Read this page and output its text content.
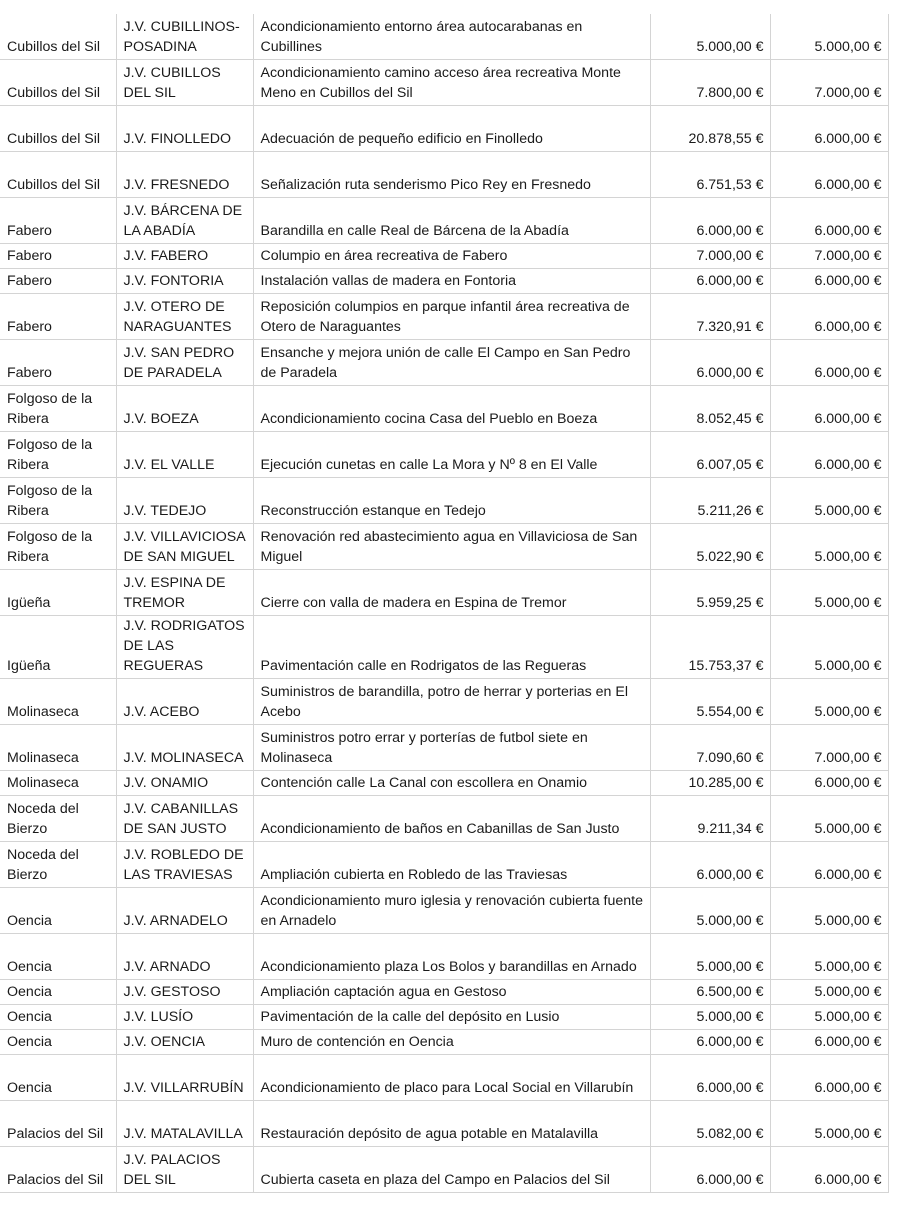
Cubillos del Sil	J.V. CUBILLINOS-POSADINA	Acondicionamiento entorno área autocarabanas en Cubillines	5.000,00 €	5.000,00 €
Cubillos del Sil	J.V. CUBILLOS DEL SIL	Acondicionamiento camino acceso área recreativa Monte Meno en Cubillos del Sil	7.800,00 €	7.000,00 €
Cubillos del Sil	J.V. FINOLLEDO	Adecuación de pequeño edificio en Finolledo	20.878,55 €	6.000,00 €
Cubillos del Sil	J.V. FRESNEDO	Señalización ruta senderismo Pico Rey en Fresnedo	6.751,53 €	6.000,00 €
Fabero	J.V. BÁRCENA DE LA ABADÍA	Barandilla en calle Real de Bárcena de la Abadía	6.000,00 €	6.000,00 €
Fabero	J.V. FABERO	Columpio en área recreativa de Fabero	7.000,00 €	7.000,00 €
Fabero	J.V. FONTORIA	Instalación vallas de madera en Fontoria	6.000,00 €	6.000,00 €
Fabero	J.V. OTERO DE NARAGUANTES	Reposición columpios en parque infantil área recreativa de Otero de Naraguantes	7.320,91 €	6.000,00 €
Fabero	J.V. SAN PEDRO DE PARADELA	Ensanche y mejora unión de calle El Campo en San Pedro de Paradela	6.000,00 €	6.000,00 €
Folgoso de la Ribera	J.V. BOEZA	Acondicionamiento cocina Casa del Pueblo en Boeza	8.052,45 €	6.000,00 €
Folgoso de la Ribera	J.V. EL VALLE	Ejecución cunetas en calle La Mora y Nº 8 en El Valle	6.007,05 €	6.000,00 €
Folgoso de la Ribera	J.V. TEDEJO	Reconstrucción estanque en Tedejo	5.211,26 €	5.000,00 €
Folgoso de la Ribera	J.V. VILLAVICIOSA DE SAN MIGUEL	Renovación red abastecimiento agua en Villaviciosa de San Miguel	5.022,90 €	5.000,00 €
Igüeña	J.V. ESPINA DE TREMOR	Cierre con valla de madera en Espina de Tremor	5.959,25 €	5.000,00 €
Igüeña	J.V. RODRIGATOS DE LAS REGUERAS	Pavimentación calle en Rodrigatos de las Regueras	15.753,37 €	5.000,00 €
Molinaseca	J.V. ACEBO	Suministros de barandilla, potro de herrar y porterias en El Acebo	5.554,00 €	5.000,00 €
Molinaseca	J.V. MOLINASECA	Suministros potro errar y porterías de futbol siete en Molinaseca	7.090,60 €	7.000,00 €
Molinaseca	J.V. ONAMIO	Contención calle La Canal con escollera en Onamio	10.285,00 €	6.000,00 €
Noceda del Bierzo	J.V. CABANILLAS DE SAN JUSTO	Acondicionamiento de baños en Cabanillas de San Justo	9.211,34 €	5.000,00 €
Noceda del Bierzo	J.V. ROBLEDO DE LAS TRAVIESAS	Ampliación cubierta en Robledo de las Traviesas	6.000,00 €	6.000,00 €
Oencia	J.V. ARNADELO	Acondicionamiento muro iglesia y renovación cubierta fuente en Arnadelo	5.000,00 €	5.000,00 €
Oencia	J.V. ARNADO	Acondicionamiento plaza Los Bolos y barandillas en Arnado	5.000,00 €	5.000,00 €
Oencia	J.V. GESTOSO	Ampliación captación agua en Gestoso	6.500,00 €	5.000,00 €
Oencia	J.V. LUSÍO	Pavimentación de la calle del depósito en Lusio	5.000,00 €	5.000,00 €
Oencia	J.V. OENCIA	Muro de contención en Oencia	6.000,00 €	6.000,00 €
Oencia	J.V. VILLARRUBÍN	Acondicionamiento de placo para Local Social en Villarubín	6.000,00 €	6.000,00 €
Palacios del Sil	J.V. MATALAVILLA	Restauración depósito de agua potable en Matalavilla	5.082,00 €	5.000,00 €
Palacios del Sil	J.V. PALACIOS DEL SIL	Cubierta caseta en plaza del Campo en Palacios del Sil	6.000,00 €	6.000,00 €
